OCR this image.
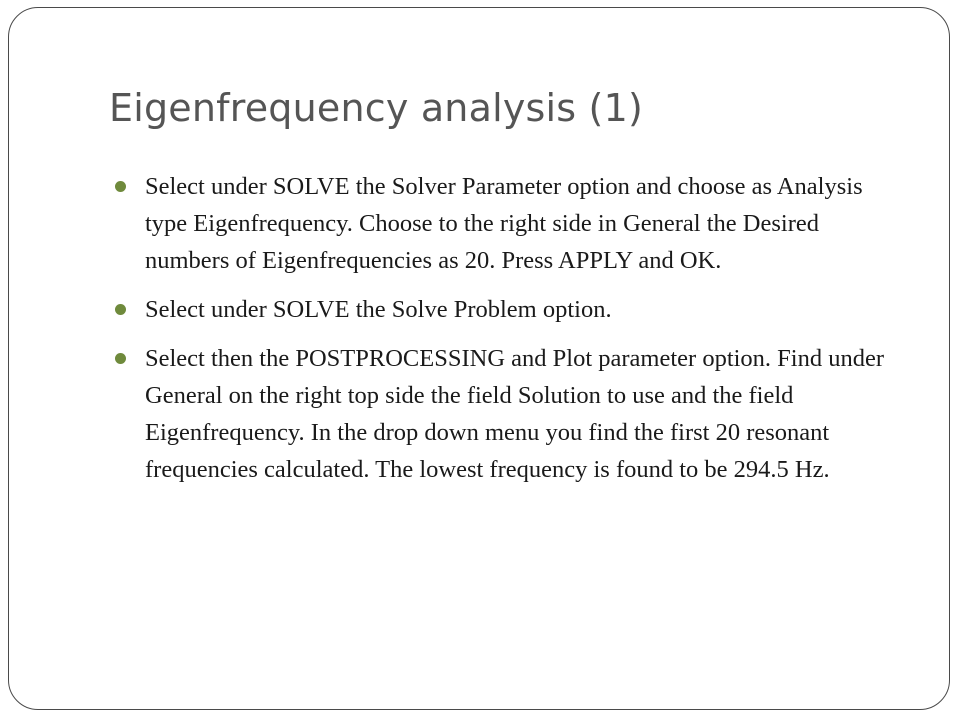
Eigenfrequency analysis (1)
Select under SOLVE the Solver Parameter option and choose as Analysis type Eigenfrequency. Choose to the right side in General the Desired numbers of Eigenfrequencies as 20. Press APPLY and OK.
Select under SOLVE the Solve Problem option.
Select then the POSTPROCESSING and Plot parameter option. Find under General on the right top side the field Solution to use and the field Eigenfrequency. In the drop down menu you find the first 20 resonant frequencies calculated. The lowest frequency is found to be 294.5 Hz.
